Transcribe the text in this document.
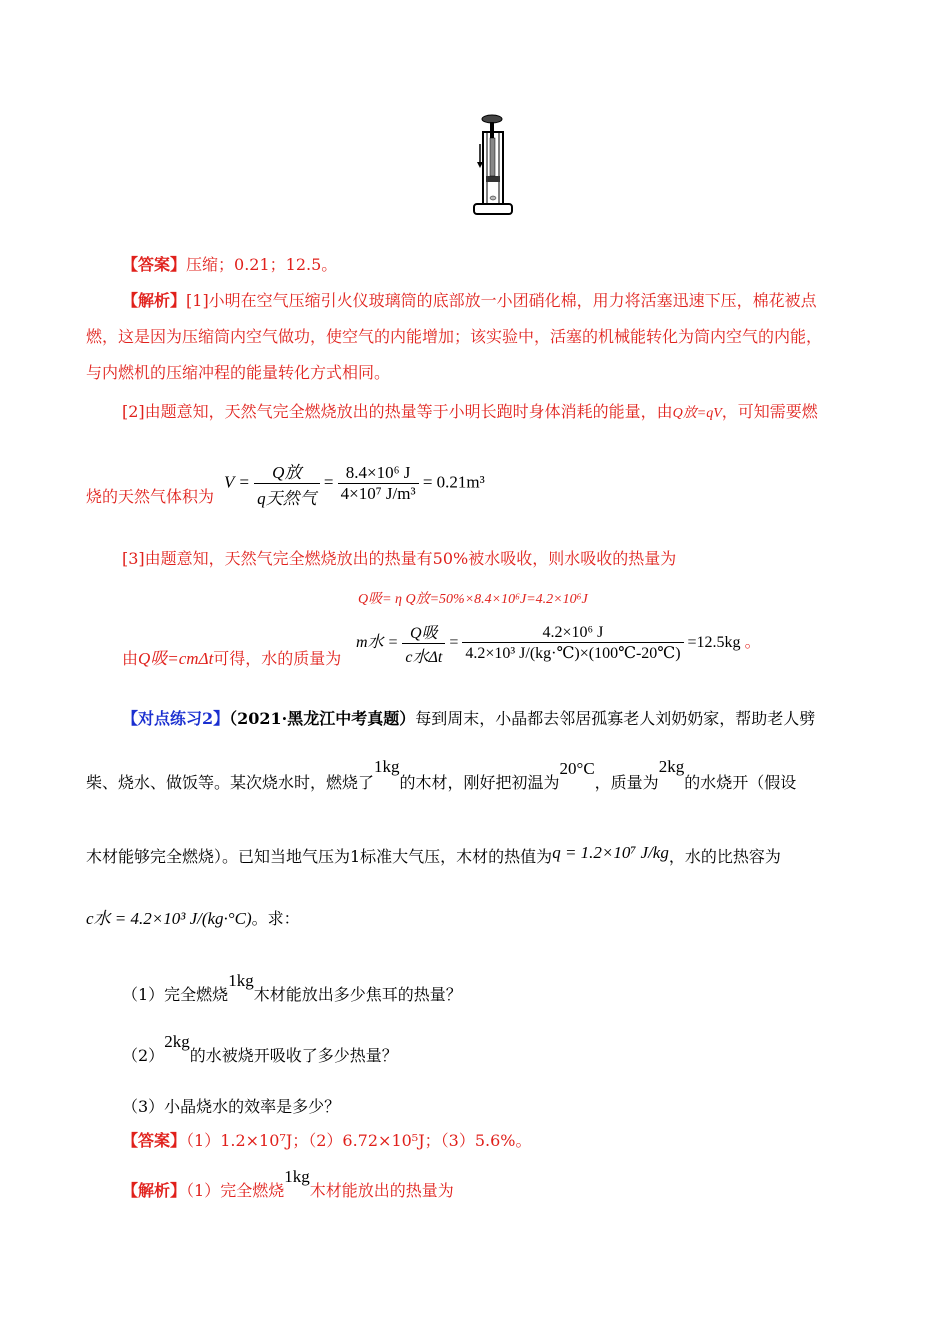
【答案】压缩；0.21；12.5。
【解析】[1]小明在空气压缩引火仪玻璃筒的底部放一小团硝化棉，用力将活塞迅速下压，棉花被点
燃，这是因为压缩筒内空气做功，使空气的内能增加；该实验中，活塞的机械能转化为筒内空气的内能，
与内燃机的压缩冲程的能量转化方式相同。
[2]由题意知，天然气完全燃烧放出的热量等于小明长跑时身体消耗的能量，由Q放=qV，可知需要燃
烧的天然气体积为
$V = \frac{\text{Q放}}{\text{q天然气}} = \frac{\text{8.4×10⁶ J}}{\text{4×10⁷ J/m³}} = 0.21m^3$
[3]由题意知，天然气完全燃烧放出的热量有50%被水吸收，则水吸收的热量为
Q吸= η Q放=50%×8.4×10⁶J=4.2×10⁶J
由Q吸=cmΔt可得，水的质量为
m水 = $\frac{\text{Q吸}}{\text{c水Δt}} = \frac{\text{4.2×10⁶ J}}{\text{4.2×10³ J/(kg·℃)×(100℃-20℃)}} =12.5kg$ 。
【对点练习2】（2021·黑龙江中考真题）每到周末，小晶都去邻居孤寡老人刘奶奶家，帮助老人劈
柴、烧水、做饭等。某次烧水时，燃烧了1kg的木材，刚好把初温为20°C，质量为2kg的水烧开（假设
木材能够完全燃烧）。已知当地气压为1标准大气压，木材的热值为q = 1.2×10⁷ J/kg，水的比热容为
c水 = 4.2×10³ J/(kg·°C)。求：
（1）完全燃烧1kg木材能放出多少焦耳的热量？
（2）2kg的水被烧开吸收了多少热量？
（3）小晶烧水的效率是多少？
【答案】（1）1.2×10⁷J；（2）6.72×10⁵J；（3）5.6%。
【解析】（1）完全燃烧1kg木材能放出的热量为
